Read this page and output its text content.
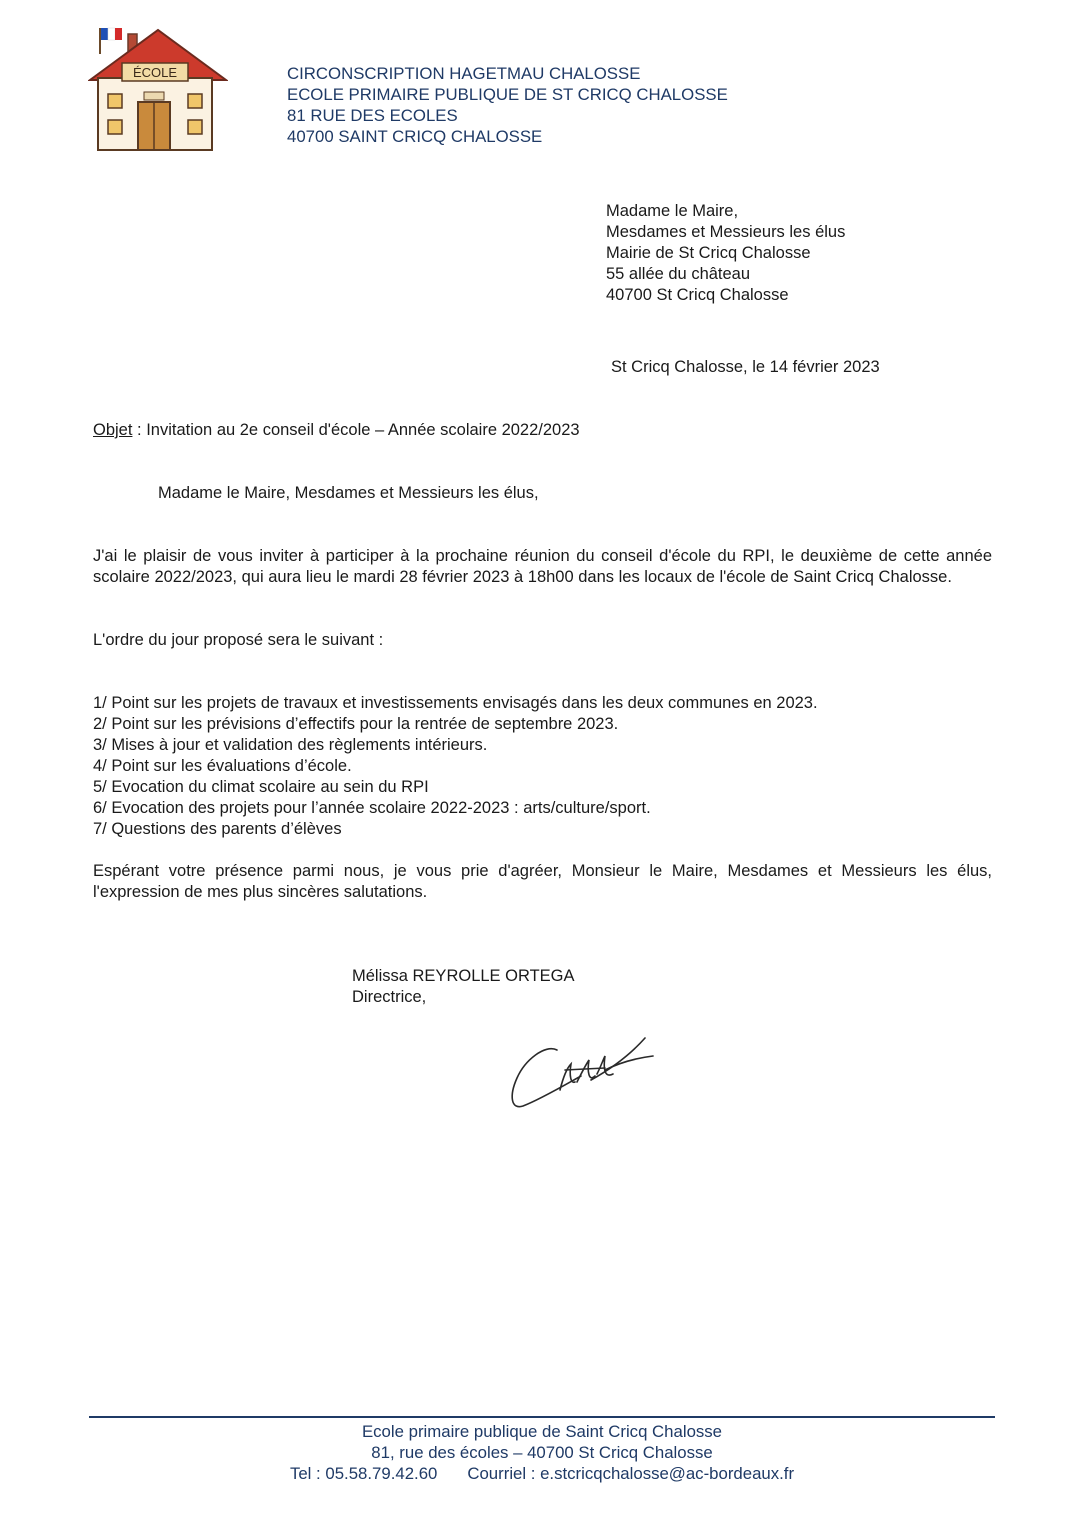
ÉCOLE	CIRCONSCRIPTION HAGETMAU CHALOSSE
ECOLE PRIMAIRE PUBLIQUE DE ST CRICQ CHALOSSE
81 RUE DES ECOLES
40700 SAINT CRICQ CHALOSSE
Madame le Maire,
Mesdames et Messieurs les élus
Mairie de St Cricq Chalosse
55 allée du château
40700 St Cricq Chalosse
St Cricq Chalosse, le 14 février 2023
Objet : Invitation au 2e conseil d'école – Année scolaire 2022/2023
Madame le Maire, Mesdames et Messieurs les élus,
J'ai le plaisir de vous inviter à participer à la prochaine réunion du conseil d'école du RPI, le deuxième de cette année scolaire 2022/2023, qui aura lieu le mardi 28 février 2023 à 18h00 dans les locaux de l'école de Saint Cricq Chalosse.
L'ordre du jour proposé sera le suivant :
1/ Point sur les projets de travaux et investissements envisagés dans les deux communes en 2023.
2/ Point sur les prévisions d’effectifs pour la rentrée de septembre 2023.
3/ Mises à jour et validation des règlements intérieurs.
4/ Point sur les évaluations d’école.
5/ Evocation du climat scolaire au sein du RPI
6/ Evocation des projets pour l’année scolaire 2022-2023 : arts/culture/sport.
7/ Questions des parents d’élèves
Espérant votre présence parmi nous, je vous prie d'agréer, Monsieur le Maire, Mesdames et Messieurs les élus, l'expression de mes plus sincères salutations.
Mélissa REYROLLE ORTEGA
Directrice,
Ecole primaire publique de Saint Cricq Chalosse
81, rue des écoles – 40700 St Cricq Chalosse
Tel : 05.58.79.42.60 Courriel : e.stcricqchalosse@ac-bordeaux.fr
